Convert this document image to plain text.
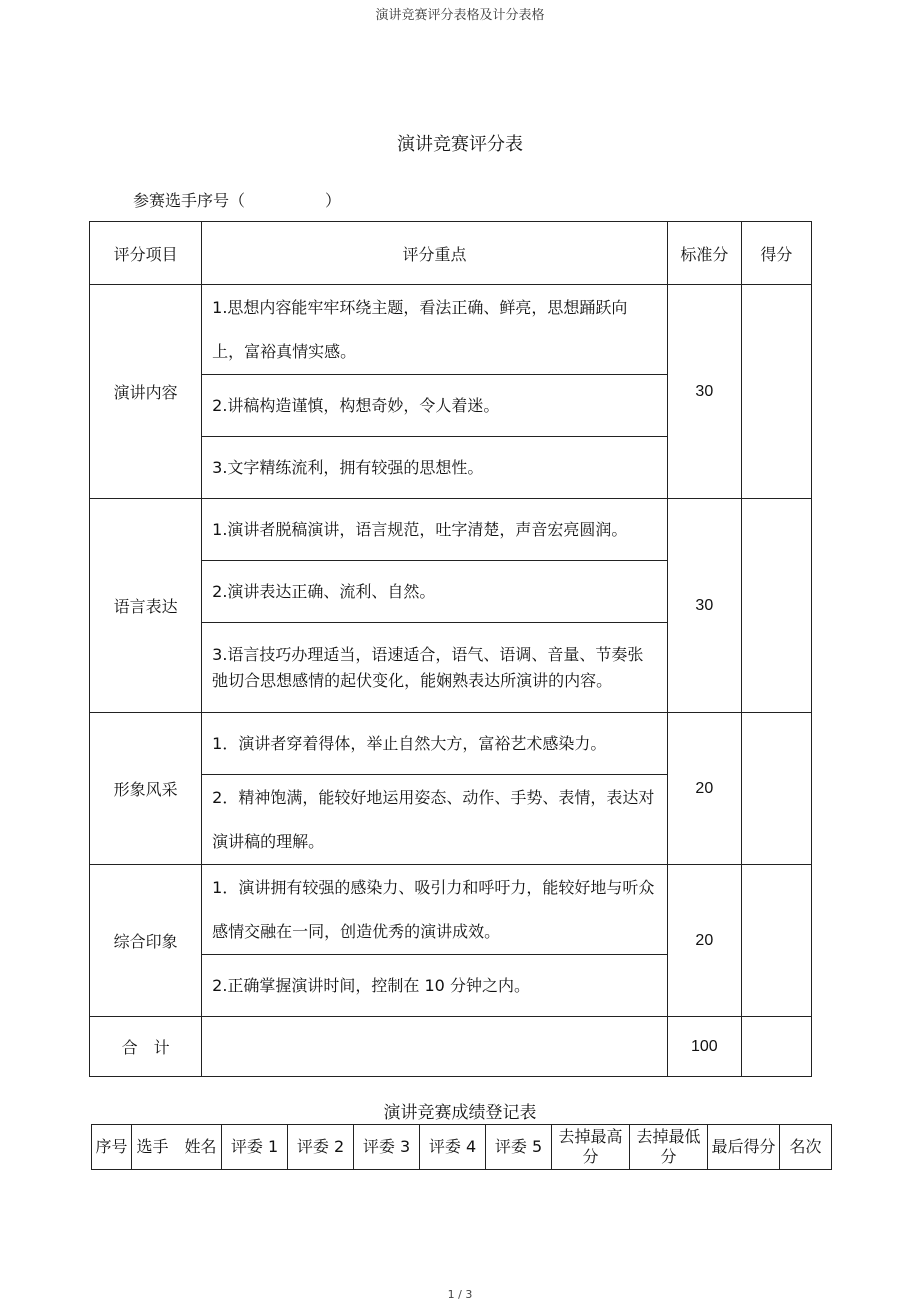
演讲竞赛评分表格及计分表格
演讲竞赛评分表
参赛选手序号（	）
评分项目	评分重点	标准分	得分
演讲内容	1.思想内容能牢牢环绕主题，看法正确、鲜亮，思想踊跃向上，富裕真情实感。	30	

	2.讲稿构造谨慎，构想奇妙，令人着迷。		

	3.文字精练流利，拥有较强的思想性。		

语言表达	1.演讲者脱稿演讲，语言规范，吐字清楚，声音宏亮圆润。	30	

	2.演讲表达正确、流利、自然。		

	3.语言技巧办理适当，语速适合，语气、语调、音量、节奏张弛切合思想感情的起伏变化，能娴熟表达所演讲的内容。		

形象风采	1．演讲者穿着得体，举止自然大方，富裕艺术感染力。	20	

	2．精神饱满，能较好地运用姿态、动作、手势、表情，表达对演讲稿的理解。		

综合印象	1．演讲拥有较强的感染力、吸引力和呼吁力，能较好地与听众感情交融在一同，创造优秀的演讲成效。	20	

	2.正确掌握演讲时间，控制在 10 分钟之内。		

合　计		100	
演讲竞赛成绩登记表
序号	选手　姓名	评委 1	评委 2	评委 3	评委 4	评委 5	去掉最高分	去掉最低分	最后得分	名次
1 / 3
